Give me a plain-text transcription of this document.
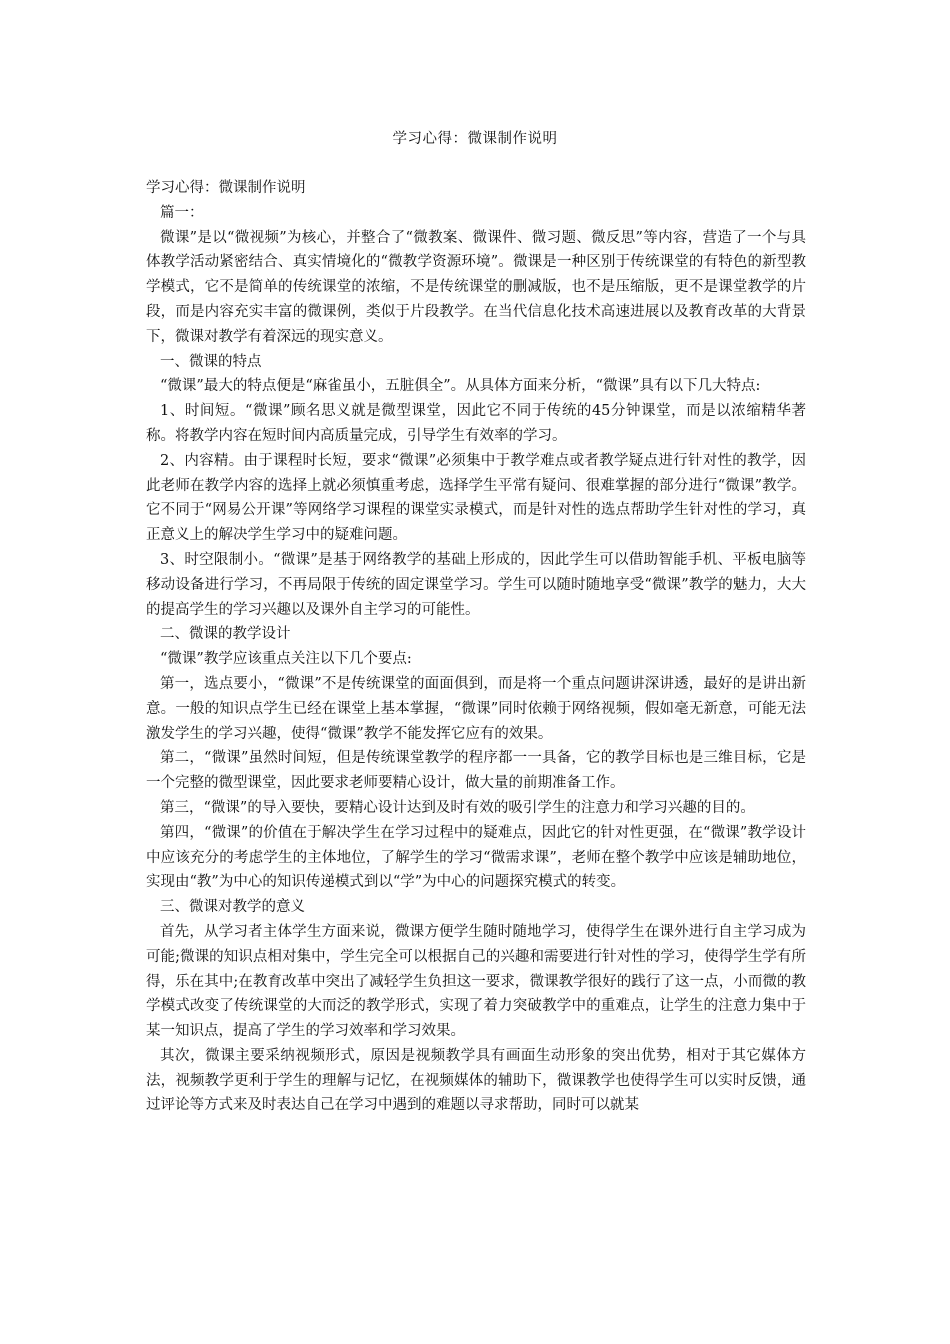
学习心得：微课制作说明

学习心得：微课制作说明

篇一：

微课”是以“微视频”为核心，并整合了“微教案、微课件、微习题、微反思”等内容，营造了一个与具体教学活动紧密结合、真实情境化的“微教学资源环境”。微课是一种区别于传统课堂的有特色的新型教学模式，它不是简单的传统课堂的浓缩，不是传统课堂的删减版，也不是压缩版，更不是课堂教学的片段，而是内容充实丰富的微课例，类似于片段教学。在当代信息化技术高速进展以及教育改革的大背景下，微课对教学有着深远的现实意义。

一、微课的特点

“微课”最大的特点便是“麻雀虽小，五脏俱全”。从具体方面来分析，“微课”具有以下几大特点:

1、时间短。“微课”顾名思义就是微型课堂，因此它不同于传统的45分钟课堂，而是以浓缩精华著称。将教学内容在短时间内高质量完成，引导学生有效率的学习。

2、内容精。由于课程时长短，要求“微课”必须集中于教学难点或者教学疑点进行针对性的教学，因此老师在教学内容的选择上就必须慎重考虑，选择学生平常有疑问、很难掌握的部分进行“微课”教学。它不同于“网易公开课”等网络学习课程的课堂实录模式，而是针对性的选点帮助学生针对性的学习，真正意义上的解决学生学习中的疑难问题。

3、时空限制小。“微课”是基于网络教学的基础上形成的，因此学生可以借助智能手机、平板电脑等移动设备进行学习，不再局限于传统的固定课堂学习。学生可以随时随地享受“微课”教学的魅力，大大的提高学生的学习兴趣以及课外自主学习的可能性。

二、微课的教学设计

“微课”教学应该重点关注以下几个要点:

第一，选点要小，“微课”不是传统课堂的面面俱到，而是将一个重点问题讲深讲透，最好的是讲出新意。一般的知识点学生已经在课堂上基本掌握，“微课”同时依赖于网络视频，假如毫无新意，可能无法激发学生的学习兴趣，使得“微课”教学不能发挥它应有的效果。

第二，“微课”虽然时间短，但是传统课堂教学的程序都一一具备，它的教学目标也是三维目标，它是一个完整的微型课堂，因此要求老师要精心设计，做大量的前期准备工作。

第三，“微课”的导入要快，要精心设计达到及时有效的吸引学生的注意力和学习兴趣的目的。

第四，“微课”的价值在于解决学生在学习过程中的疑难点，因此它的针对性更强，在“微课”教学设计中应该充分的考虑学生的主体地位，了解学生的学习“微需求课”，老师在整个教学中应该是辅助地位，实现由“教”为中心的知识传递模式到以“学”为中心的问题探究模式的转变。

三、微课对教学的意义

首先，从学习者主体学生方面来说，微课方便学生随时随地学习，使得学生在课外进行自主学习成为可能;微课的知识点相对集中，学生完全可以根据自己的兴趣和需要进行针对性的学习，使得学生学有所得，乐在其中;在教育改革中突出了减轻学生负担这一要求，微课教学很好的践行了这一点，小而微的教学模式改变了传统课堂的大而泛的教学形式，实现了着力突破教学中的重难点，让学生的注意力集中于某一知识点，提高了学生的学习效率和学习效果。

其次，微课主要采纳视频形式，原因是视频教学具有画面生动形象的突出优势，相对于其它媒体方法，视频教学更利于学生的理解与记忆，在视频媒体的辅助下，微课教学也使得学生可以实时反馈，通过评论等方式来及时表达自己在学习中遇到的难题以寻求帮助，同时可以就某
